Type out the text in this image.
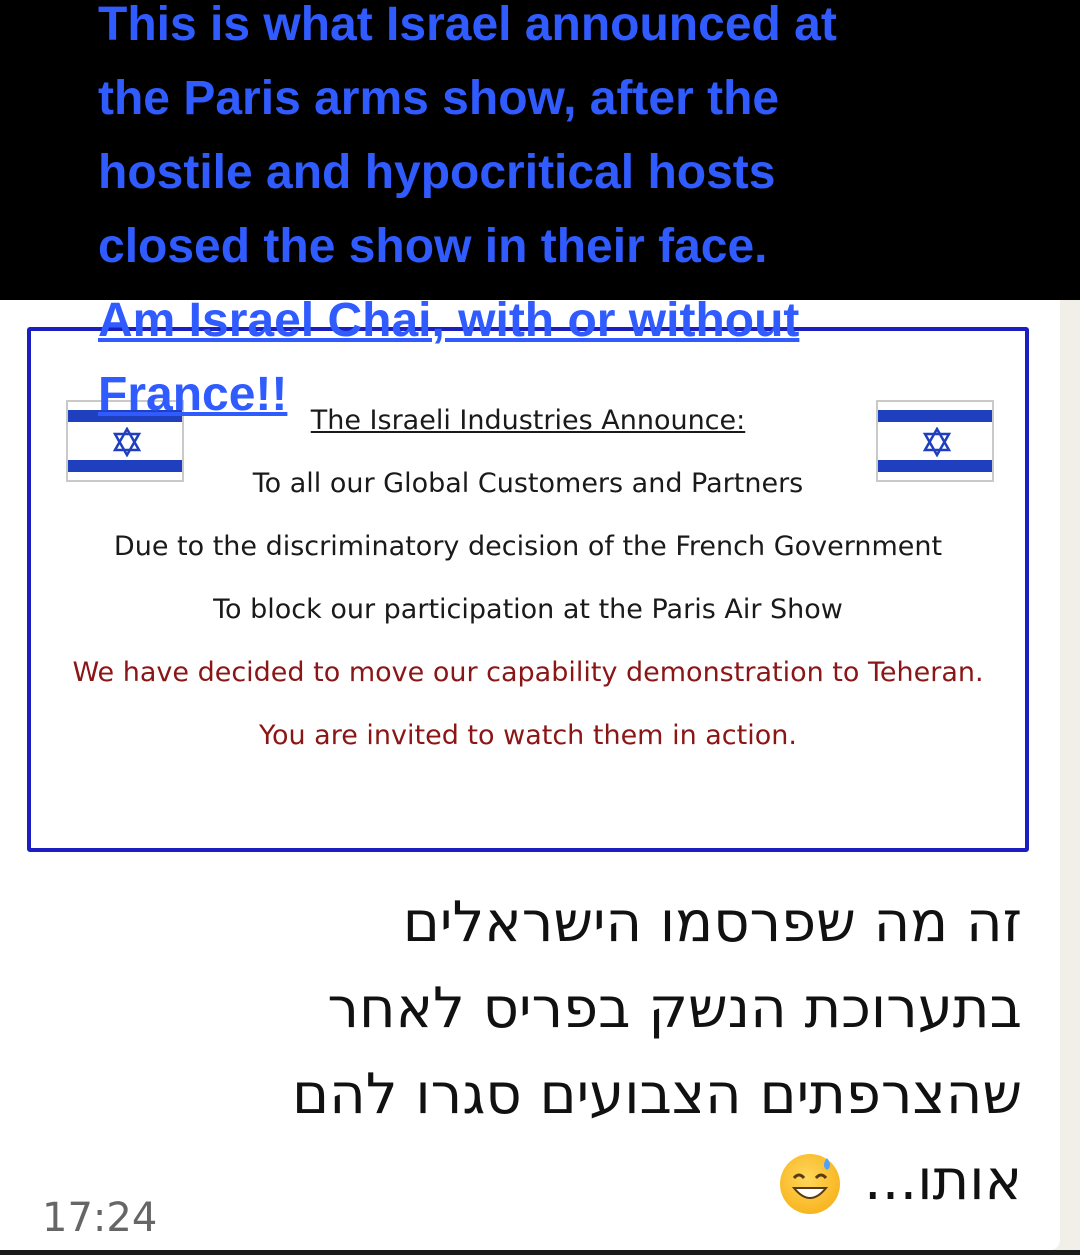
The Israeli Industries Announce:
To all our Global Customers and Partners
Due to the discriminatory decision of the French Government
To block our participation at the Paris Air Show
We have decided to move our capability demonstration to Teheran.
You are invited to watch them in action.
This is what Israel announced at
the Paris arms show, after the
hostile and hypocritical hosts
closed the show in their face.
Am Israel Chai, with or without
France!!
זה מה שפרסמו הישראלים
בתערוכת הנשק בפריס לאחר
שהצרפתים הצבועים סגרו להם
אותו...
17:24
